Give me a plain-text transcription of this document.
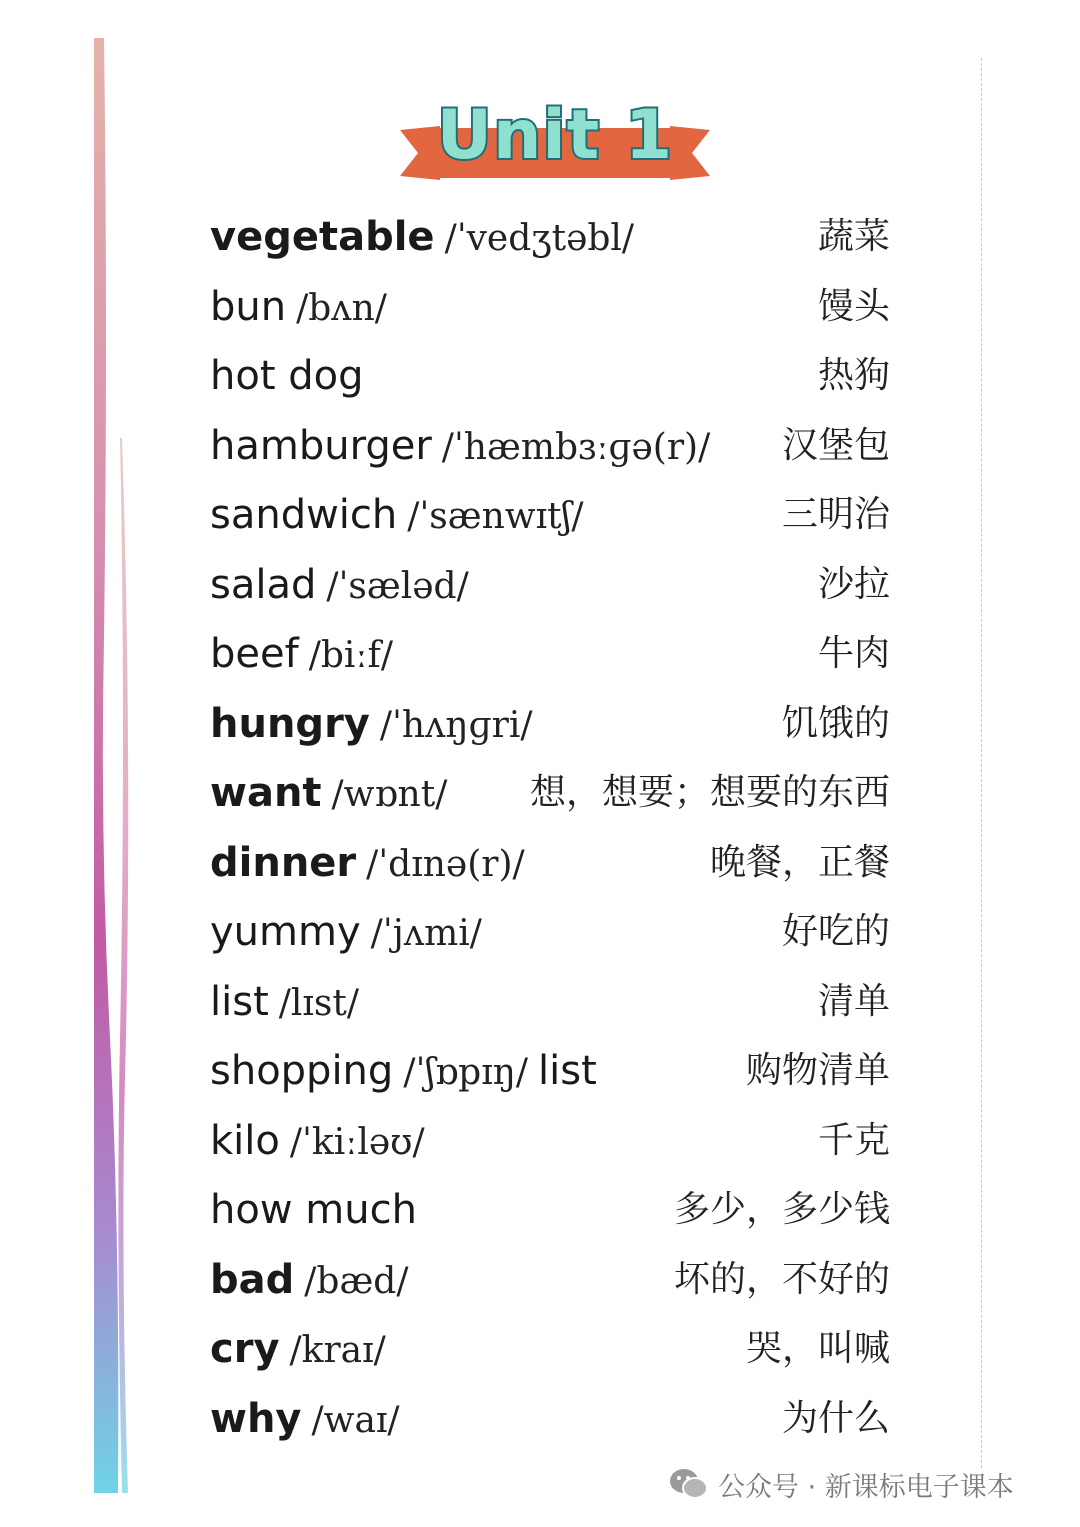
Unit 1
vegetable /ˈvedʒtəbl/	蔬菜
bun /bʌn/	馒头
hot dog	热狗
hamburger /ˈhæmbɜːɡə(r)/ 汉堡包
sandwich /ˈsænwɪtʃ/	三明治
salad /ˈsæləd/	沙拉
beef /biːf/	牛肉
hungry /ˈhʌŋɡri/	饥饿的
want /wɒnt/ 想，想要；想要的东西
dinner /ˈdɪnə(r)/	晚餐，正餐
yummy /ˈjʌmi/	好吃的
list /lɪst/	清单
shopping /ˈʃɒpɪŋ/ list	购物清单
kilo /ˈkiːləʊ/	千克
how much	多少，多少钱
bad /bæd/	坏的，不好的
cry /kraɪ/	哭，叫喊
why /waɪ/	为什么
公众号 · 新课标电子课本
